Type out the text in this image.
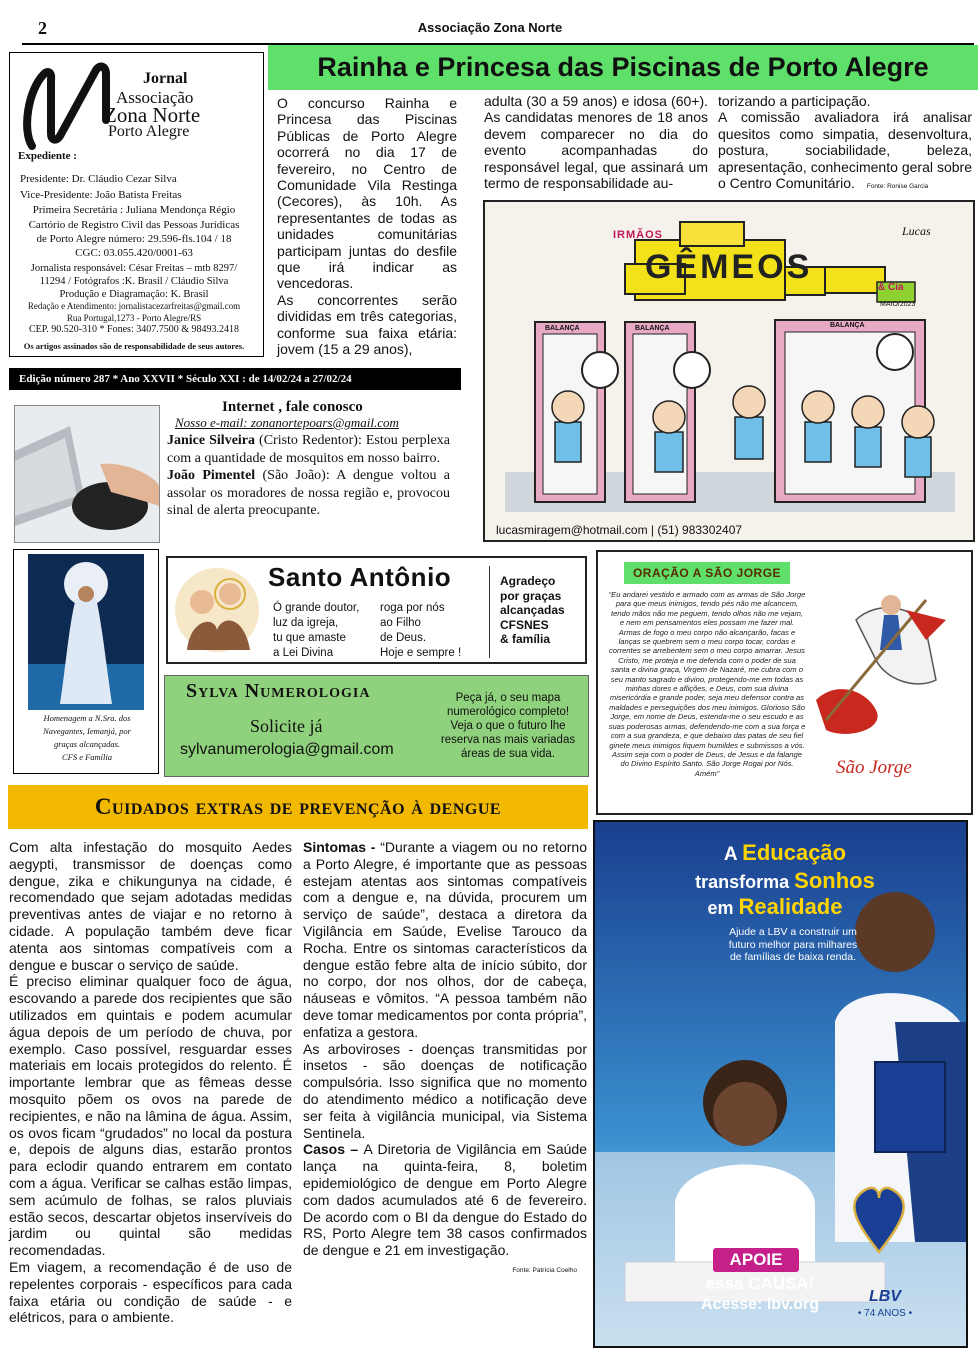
2	Associação Zona Norte
Jornal
Associação
Zona Norte
Porto Alegre
Expediente :
Presidente: Dr. Cláudio Cezar Silva
Vice-Presidente: João Batista Freitas
Primeira Secretária : Juliana Mendonça Régio
Cartório de Registro Civil das Pessoas Jurídicas
de Porto Alegre número: 29.596-fls.104 / 18
CGC: 03.055.420/0001-63
Jornalista responsável: César Freitas – mtb 8297/
11294 / Fotógrafos :K. Brasil / Cláudio Silva
Produção e Diagramação: K. Brasil
Redação e Atendimento: jornalistacezarfreitas@gmail.com
Rua Portugal,1273 - Porto Alegre/RS
CEP. 90.520-310 * Fones: 3407.7500 & 98493.2418
Os artigos assinados são de responsabilidade de seus autores.
Edição número 287 * Ano XXVII * Século XXI : de 14/02/24 a 27/02/24
Rainha e Princesa das Piscinas de Porto Alegre
O concurso Rainha e Princesa das Piscinas Públicas de Porto Alegre ocorrerá no dia 17 de fevereiro, no Centro de Comunidade Vila Restinga (Cecores), às 10h. As representantes de todas as unidades comunitárias participam juntas do desfile que irá indicar as vencedoras.
As concorrentes serão divididas em três categorias, conforme sua faixa etária: jovem (15 a 29 anos),
adulta (30 a 59 anos) e idosa (60+). As candidatas menores de 18 anos devem comparecer no dia do evento acompanhadas do responsável legal, que assinará um termo de responsabilidade au-
torizando a participação.
A comissão avaliadora irá analisar quesitos como simpatia, desenvoltura, postura, sociabilidade, beleza, apresentação, conhecimento geral sobre o Centro Comunitário. Fonte: Ronise Garcia
IRMÃOS
GÊMEOS
& Cia
MAIO/2023
Lucas
BALANÇA	BALANÇA	BALANÇA
lucasmiragem@hotmail.com | (51) 983302407
Internet , fale conosco
Nosso e-mail: zonanortepoars@gmail.com
Janice Silveira (Cristo Redentor): Estou perplexa com a quantidade de mosquitos em nosso bairro.
João Pimentel (São João): A dengue voltou a assolar os moradores de nossa região e, provocou sinal de alerta preocupante.
Homenagem a N.Sra. dos
Navegantes, Iemanjá, por
graças alcançadas.
CFS e Família
Santo Antônio
Ó grande doutor,
luz da igreja,
tu que amaste
a Lei Divina
roga por nós
ao Filho
de Deus.
Hoje e sempre !
Agradeço
por graças
alcançadas
CFSNES
& família
Sylva Numerologia
Solicite já
sylvanumerologia@gmail.com
Peça já, o seu mapa
numerológico completo!
Veja o que o futuro lhe
reserva nas mais variadas
áreas de sua vida.
ORAÇÃO A SÃO JORGE
“Eu andarei vestido e armado com as armas de São Jorge para que meus inimigos, tendo pés não me alcancem, tendo mãos não me peguem, tendo olhos não me vejam, e nem em pensamentos eles possam me fazer mal. Armas de fogo o meu corpo não alcançarão, facas e lanças se quebrem sem o meu corpo tocar, cordas e correntes se arrebentem sem o meu corpo amarrar. Jesus Cristo, me proteja e me defenda com o poder de sua santa e divina graça, Virgem de Nazaré, me cubra com o seu manto sagrado e divino, protegendo-me em todas as minhas dores e aflições, e Deus, com sua divina misericórdia e grande poder, seja meu defensor contra as maldades e perseguições dos meu inimigos. Glorioso São Jorge, em nome de Deus, estenda-me o seu escudo e as suas poderosas armas, defendendo-me com a sua força e com a sua grandeza, e que debaixo das patas de seu fiel ginete meus inimigos fiquem humildes e submissos a vós. Assim seja com o poder de Deus, de Jesus e da falange do Divino Espírito Santo. São Jorge Rogai por Nós. Amém”	São Jorge
Cuidados extras de prevenção à dengue
Com alta infestação do mosquito Aedes aegypti, transmissor de doenças como dengue, zika e chikungunya na cidade, é recomendado que sejam adotadas medidas preventivas antes de viajar e no retorno à cidade. A população também deve ficar atenta aos sintomas compatíveis com a dengue e buscar o serviço de saúde.
É preciso eliminar qualquer foco de água, escovando a parede dos recipientes que são utilizados em quintais e podem acumular água depois de um período de chuva, por exemplo. Caso possível, resguardar esses materiais em locais protegidos do relento. É importante lembrar que as fêmeas desse mosquito põem os ovos na parede de recipientes, e não na lâmina de água. Assim, os ovos ficam “grudados” no local da postura e, depois de alguns dias, estarão prontos para eclodir quando entrarem em contato com a água. Verificar se calhas estão limpas, sem acúmulo de folhas, se ralos pluviais estão secos, descartar objetos inservíveis do jardim ou quintal são medidas recomendadas.
Em viagem, a recomendação é de uso de repelentes corporais - específicos para cada faixa etária ou condição de saúde - e elétricos, para o ambiente.
Sintomas - “Durante a viagem ou no retorno a Porto Alegre, é importante que as pessoas estejam atentas aos sintomas compatíveis com a dengue e, na dúvida, procurem um serviço de saúde”, destaca a diretora da Vigilância em Saúde, Evelise Tarouco da Rocha. Entre os sintomas característicos da dengue estão febre alta de início súbito, dor no corpo, dor nos olhos, dor de cabeça, náuseas e vômitos. “A pessoa também não deve tomar medicamentos por conta própria”, enfatiza a gestora.
As arboviroses - doenças transmitidas por insetos - são doenças de notificação compulsória. Isso significa que no momento do atendimento médico a notificação deve ser feita à vigilância municipal, via Sistema Sentinela.
Casos – A Diretoria de Vigilância em Saúde lança na quinta-feira, 8, boletim epidemiológico de dengue em Porto Alegre com dados acumulados até 6 de fevereiro. De acordo com o BI da dengue do Estado do RS, Porto Alegre tem 38 casos confirmados de dengue e 21 em investigação.
Fonte: Patrícia Coelho
A Educação
transforma Sonhos
em Realidade
Ajude a LBV a construir um
futuro melhor para milhares
de famílias de baixa renda.
APOIE
essa CAUSA!
Acesse: lbv.org	LBV
• 74 ANOS •
